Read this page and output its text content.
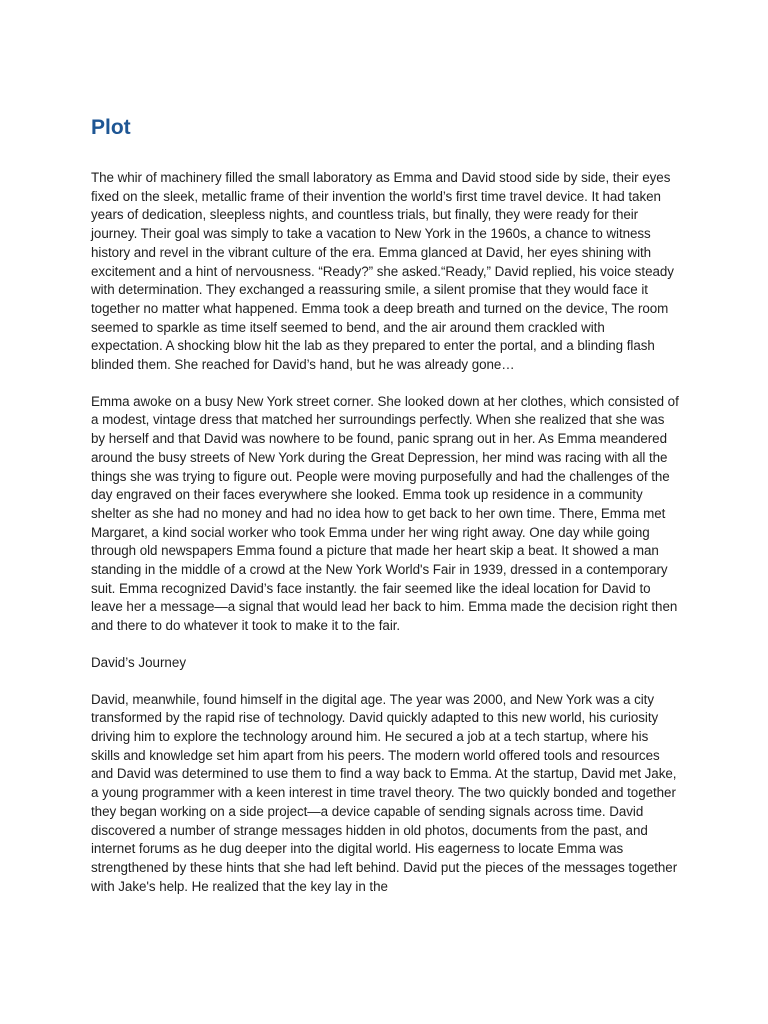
Plot

The whir of machinery filled the small laboratory as Emma and David stood side by side, their eyes fixed on the sleek, metallic frame of their invention the world’s first time travel device. It had taken years of dedication, sleepless nights, and countless trials, but finally, they were ready for their journey. Their goal was simply to take a vacation to New York in the 1960s, a chance to witness history and revel in the vibrant culture of the era. Emma glanced at David, her eyes shining with excitement and a hint of nervousness. “Ready?” she asked.“Ready,” David replied, his voice steady with determination. They exchanged a reassuring smile, a silent promise that they would face it together no matter what happened. Emma took a deep breath and turned on the device, The room seemed to sparkle as time itself seemed to bend, and the air around them crackled with expectation. A shocking blow hit the lab as they prepared to enter the portal, and a blinding flash blinded them. She reached for David’s hand, but he was already gone…

Emma awoke on a busy New York street corner. She looked down at her clothes, which consisted of a modest, vintage dress that matched her surroundings perfectly. When she realized that she was by herself and that David was nowhere to be found, panic sprang out in her. As Emma meandered around the busy streets of New York during the Great Depression, her mind was racing with all the things she was trying to figure out. People were moving purposefully and had the challenges of the day engraved on their faces everywhere she looked. Emma took up residence in a community shelter as she had no money and had no idea how to get back to her own time. There, Emma met Margaret, a kind social worker who took Emma under her wing right away. One day while going through old newspapers Emma found a picture that made her heart skip a beat. It showed a man standing in the middle of a crowd at the New York World's Fair in 1939, dressed in a contemporary suit. Emma recognized David’s face instantly. the fair seemed like the ideal location for David to leave her a message—a signal that would lead her back to him. Emma made the decision right then and there to do whatever it took to make it to the fair.

David’s Journey

David, meanwhile, found himself in the digital age. The year was 2000, and New York was a city transformed by the rapid rise of technology. David quickly adapted to this new world, his curiosity driving him to explore the technology around him. He secured a job at a tech startup, where his skills and knowledge set him apart from his peers. The modern world offered tools and resources and David was determined to use them to find a way back to Emma. At the startup, David met Jake, a young programmer with a keen interest in time travel theory. The two quickly bonded and together they began working on a side project—a device capable of sending signals across time. David discovered a number of strange messages hidden in old photos, documents from the past, and internet forums as he dug deeper into the digital world. His eagerness to locate Emma was strengthened by these hints that she had left behind. David put the pieces of the messages together with Jake's help. He realized that the key lay in the
